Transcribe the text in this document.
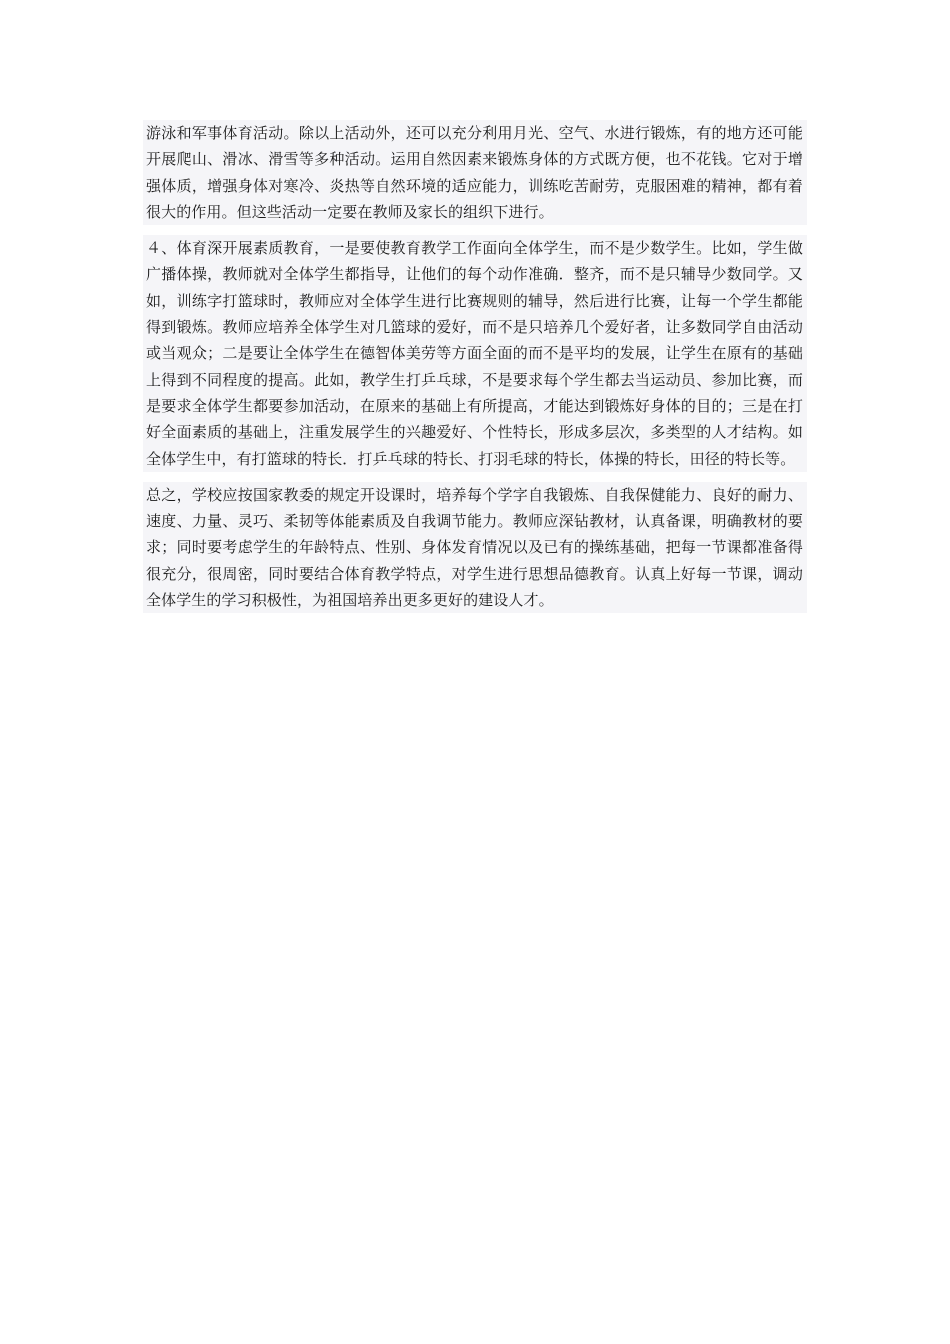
游泳和军事体育活动。除以上活动外，还可以充分利用月光、空气、水进行锻炼，有的地方还可能开展爬山、滑冰、滑雪等多种活动。运用自然因素来锻炼身体的方式既方便，也不花钱。它对于增强体质，增强身体对寒冷、炎热等自然环境的适应能力，训练吃苦耐劳，克服困难的精神，都有着很大的作用。但这些活动一定要在教师及家长的组织下进行。

４、体育深开展素质教育，一是要使教育教学工作面向全体学生，而不是少数学生。比如，学生做广播体操，教师就对全体学生都指导，让他们的每个动作准确．整齐，而不是只辅导少数同学。又如，训练字打篮球时，教师应对全体学生进行比赛规则的辅导，然后进行比赛，让每一个学生都能得到锻炼。教师应培养全体学生对几篮球的爱好，而不是只培养几个爱好者，让多数同学自由活动或当观众；二是要让全体学生在德智体美劳等方面全面的而不是平均的发展，让学生在原有的基础上得到不同程度的提高。此如，教学生打乒乓球，不是要求每个学生都去当运动员、参加比赛，而是要求全体学生都要参加活动，在原来的基础上有所提高，才能达到锻炼好身体的目的；三是在打好全面素质的基础上，注重发展学生的兴趣爱好、个性特长，形成多层次，多类型的人才结构。如全体学生中，有打篮球的特长．打乒乓球的特长、打羽毛球的特长，体操的特长，田径的特长等。

总之，学校应按国家教委的规定开设课时，培养每个学字自我锻炼、自我保健能力、良好的耐力、速度、力量、灵巧、柔韧等体能素质及自我调节能力。教师应深钻教材，认真备课，明确教材的要求；同时要考虑学生的年龄特点、性别、身体发育情况以及已有的操练基础，把每一节课都准备得很充分，很周密，同时要结合体育教学特点，对学生进行思想品德教育。认真上好每一节课，调动全体学生的学习积极性，为祖国培养出更多更好的建设人才。
